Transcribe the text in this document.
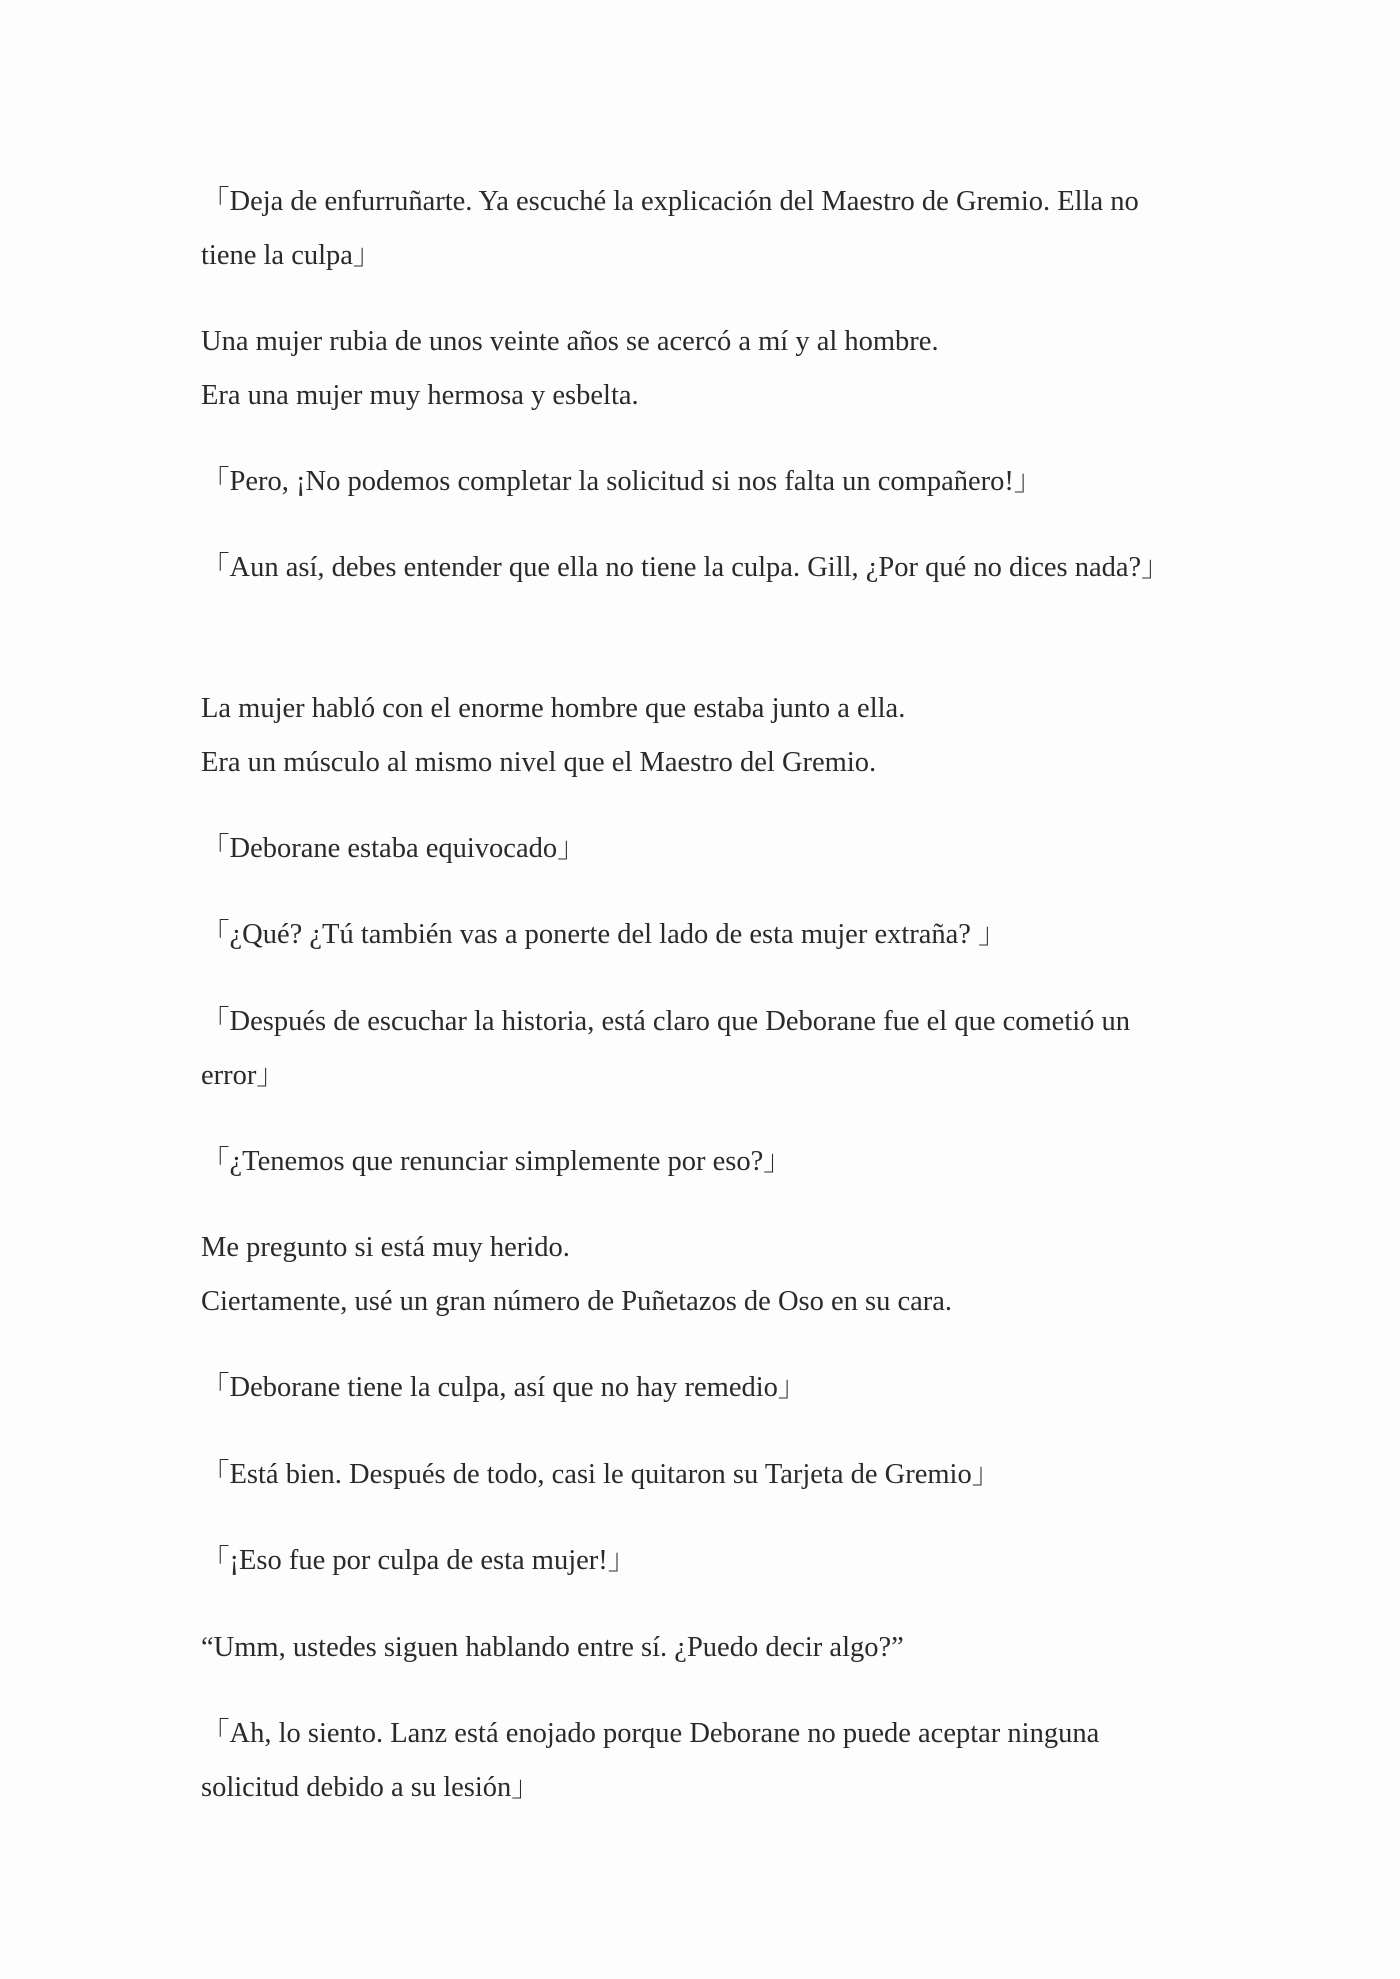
「Deja de enfurruñarte. Ya escuché la explicación del Maestro de Gremio. Ella no tiene la culpa」

Una mujer rubia de unos veinte años se acercó a mí y al hombre.

Era una mujer muy hermosa y esbelta.

「Pero, ¡No podemos completar la solicitud si nos falta un compañero!」

「Aun así, debes entender que ella no tiene la culpa. Gill, ¿Por qué no dices nada?」

La mujer habló con el enorme hombre que estaba junto a ella.

Era un músculo al mismo nivel que el Maestro del Gremio.

「Deborane estaba equivocado」

「¿Qué? ¿Tú también vas a ponerte del lado de esta mujer extraña? 」

「Después de escuchar la historia, está claro que Deborane fue el que cometió un error」

「¿Tenemos que renunciar simplemente por eso?」

Me pregunto si está muy herido.

Ciertamente, usé un gran número de Puñetazos de Oso en su cara.

「Deborane tiene la culpa, así que no hay remedio」

「Está bien. Después de todo, casi le quitaron su Tarjeta de Gremio」

「¡Eso fue por culpa de esta mujer!」

“Umm, ustedes siguen hablando entre sí. ¿Puedo decir algo?”

「Ah, lo siento. Lanz está enojado porque Deborane no puede aceptar ninguna solicitud debido a su lesión」
